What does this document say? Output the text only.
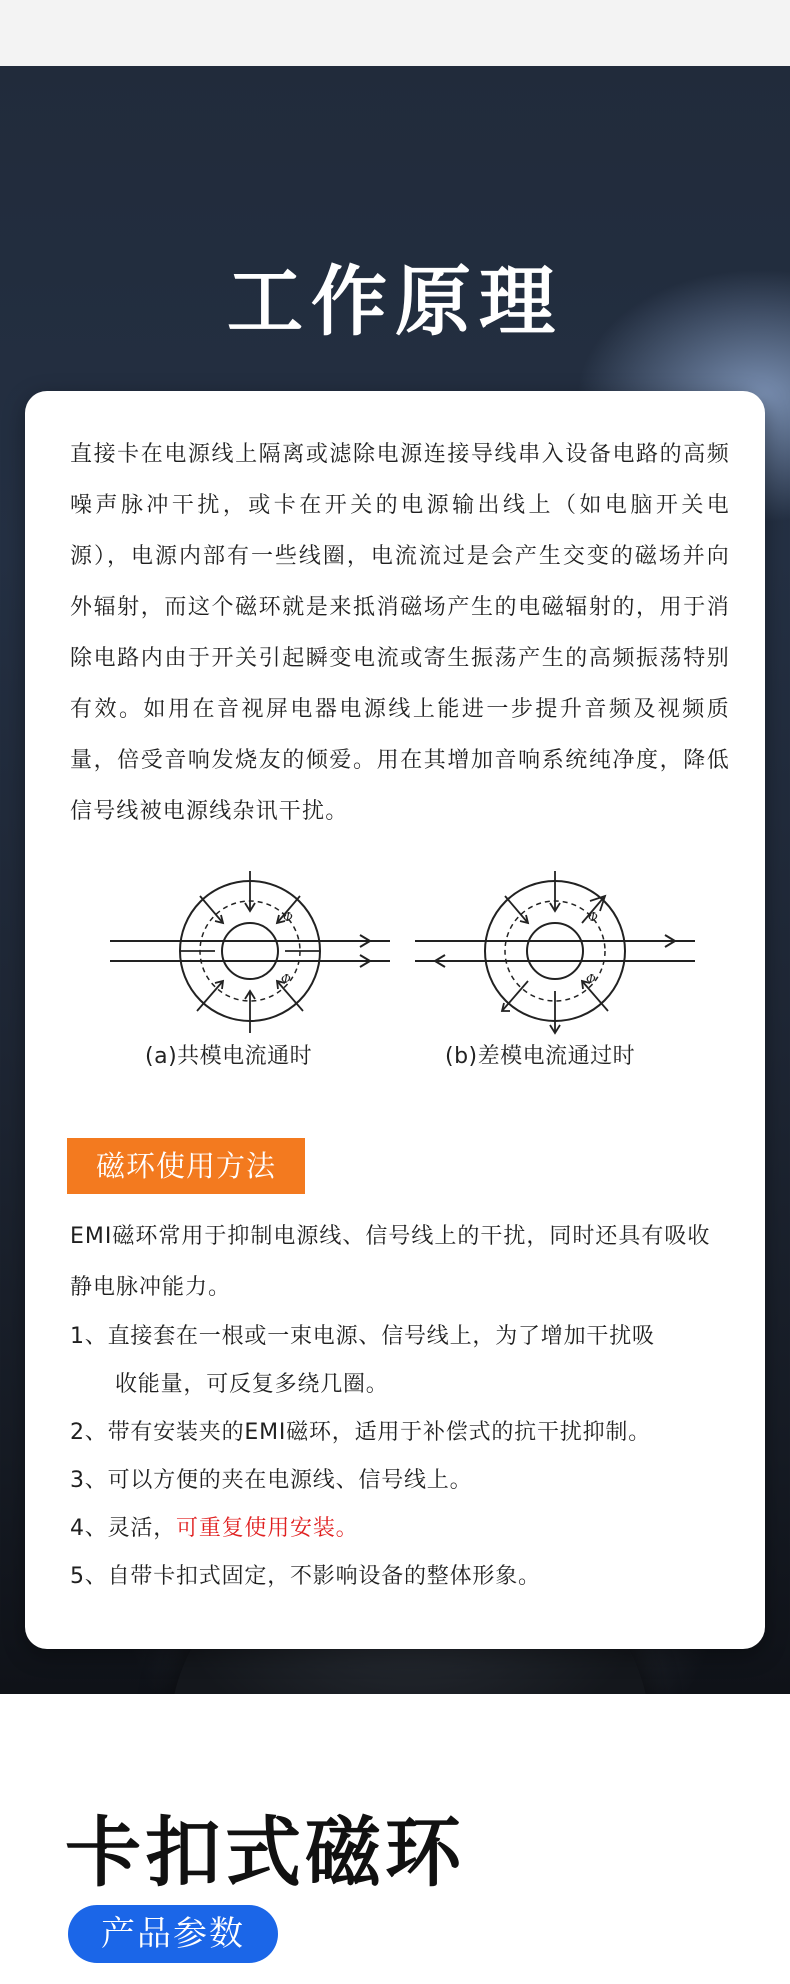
工作原理

直接卡在电源线上隔离或滤除电源连接导线串入设备电路的高频噪声脉冲干扰，或卡在开关的电源输出线上（如电脑开关电源），电源内部有一些线圈，电流流过是会产生交变的磁场并向外辐射，而这个磁环就是来抵消磁场产生的电磁辐射的，用于消除电路内由于开关引起瞬变电流或寄生振荡产生的高频振荡特别有效。如用在音视屏电器电源线上能进一步提升音频及视频质量，倍受音响发烧友的倾爱。用在其增加音响系统纯净度，降低信号线被电源线杂讯干扰。

Φ
Φ
Φ
Φ
(a)共模电流通时	(b)差模电流通过时
磁环使用方法

EMI磁环常用于抑制电源线、信号线上的干扰，同时还具有吸收静电脉冲能力。

1、直接套在一根或一束电源、信号线上，为了增加干扰吸
收能量，可反复多绕几圈。
2、带有安装夹的EMI磁环，适用于补偿式的抗干扰抑制。
3、可以方便的夹在电源线、信号线上。
4、灵活，可重复使用安装。
5、自带卡扣式固定，不影响设备的整体形象。
卡扣式磁环
产品参数
